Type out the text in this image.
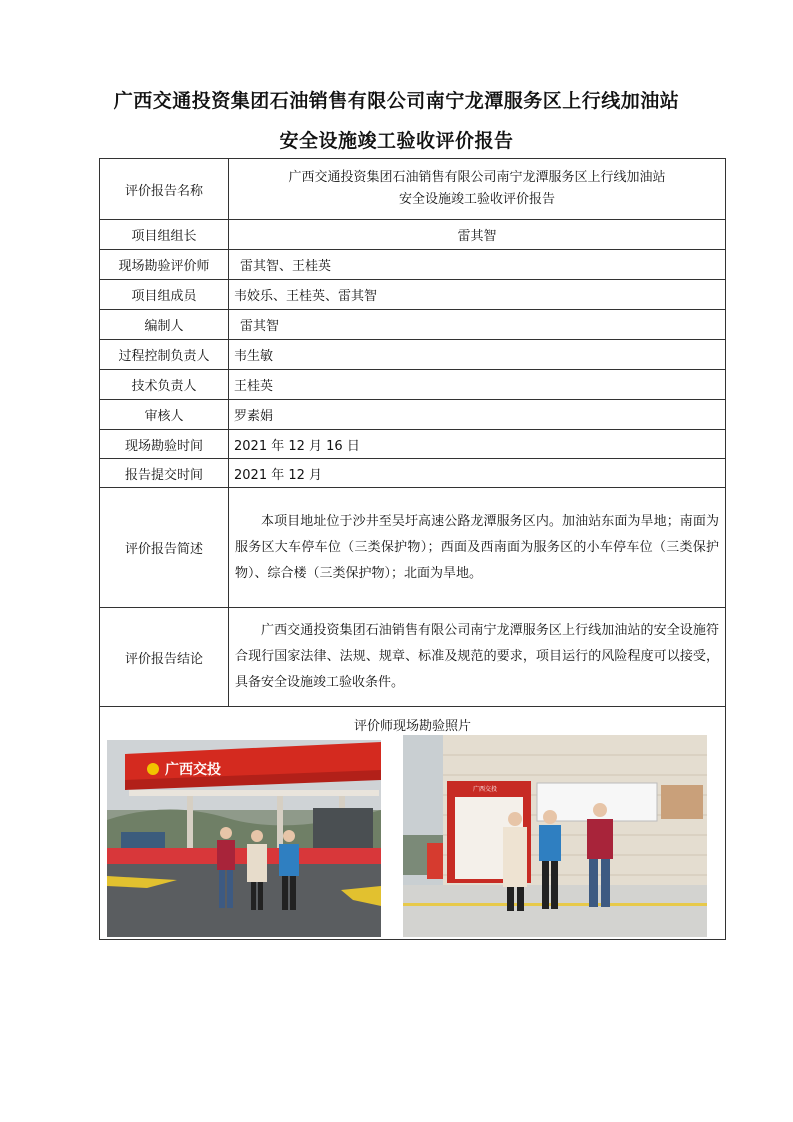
广西交通投资集团石油销售有限公司南宁龙潭服务区上行线加油站
安全设施竣工验收评价报告
评价报告名称	广西交通投资集团石油销售有限公司南宁龙潭服务区上行线加油站
安全设施竣工验收评价报告

项目组组长	雷其智
现场勘验评价师	雷其智、王桂英
项目组成员	韦姣乐、王桂英、雷其智
编制人	雷其智
过程控制负责人	韦生敏
技术负责人	王桂英
审核人	罗素娟
现场勘验时间	2021 年 12 月 16 日
报告提交时间	2021 年 12 月
评价报告简述	本项目地址位于沙井至吴圩高速公路龙潭服务区内。加油站东面为旱地；南面为服务区大车停车位（三类保护物）；西面及西南面为服务区的小车停车位（三类保护物）、综合楼（三类保护物）；北面为旱地。

评价报告结论	广西交通投资集团石油销售有限公司南宁龙潭服务区上行线加油站的安全设施符合现行国家法律、法规、规章、标准及规范的要求，项目运行的风险程度可以接受，具备安全设施竣工验收条件。

评价师现场勘验照片
广西交投
广西交投	
